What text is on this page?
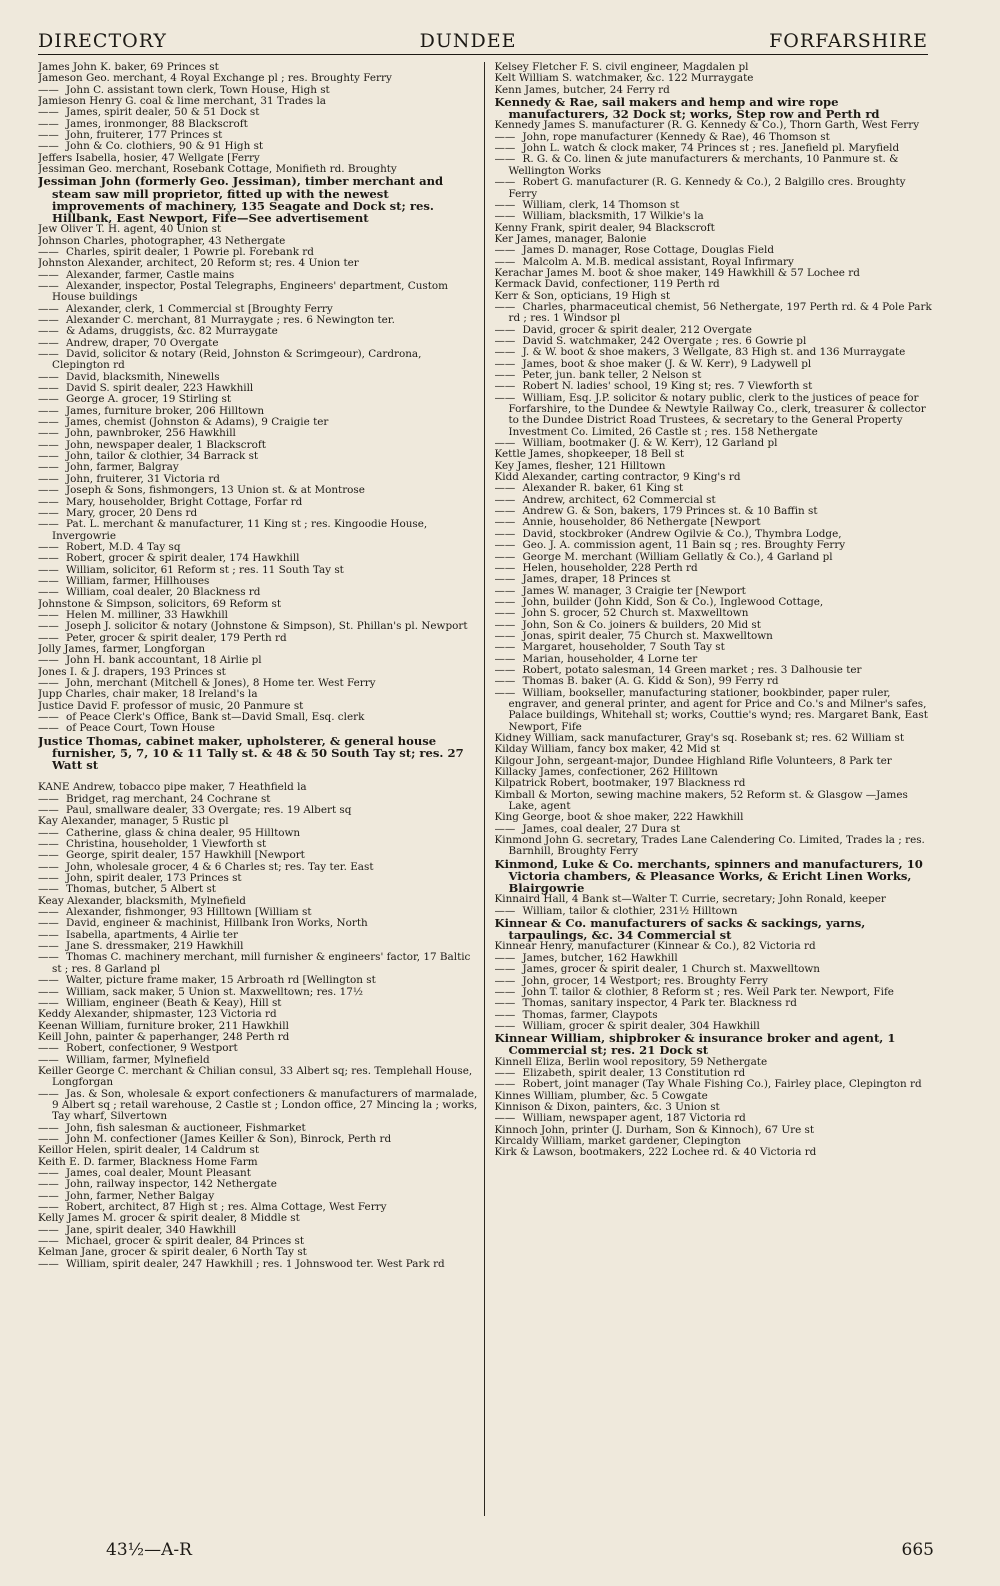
DIRECTORY	DUNDEE	FORFARSHIRE

James John K. baker, 69 Princes st

Jameson Geo. merchant, 4 Royal Exchange pl ; res. Broughty Ferry

—— John C. assistant town clerk, Town House, High st

Jamieson Henry G. coal & lime merchant, 31 Trades la

—— James, spirit dealer, 50 & 51 Dock st

—— James, ironmonger, 88 Blackscroft

—— John, fruiterer, 177 Princes st

—— John & Co. clothiers, 90 & 91 High st

Jeffers Isabella, hosier, 47 Wellgate [Ferry

Jessiman Geo. merchant, Rosebank Cottage, Monifieth rd. Broughty

Jessiman John (formerly Geo. Jessiman), timber merchant and steam saw mill proprietor, fitted up with the newest improvements of machinery, 135 Seagate and Dock st; res. Hillbank, East Newport, Fife—See advertisement

Jew Oliver T. H. agent, 40 Union st

Johnson Charles, photographer, 43 Nethergate

—— Charles, spirit dealer, 1 Powrie pl. Forebank rd

Johnston Alexander, architect, 20 Reform st; res. 4 Union ter

—— Alexander, farmer, Castle mains

—— Alexander, inspector, Postal Telegraphs, Engineers' department, Custom House buildings

—— Alexander, clerk, 1 Commercial st [Broughty Ferry

—— Alexander C. merchant, 81 Murraygate ; res. 6 Newington ter.

—— & Adams, druggists, &c. 82 Murraygate

—— Andrew, draper, 70 Overgate

—— David, solicitor & notary (Reid, Johnston & Scrimgeour), Cardrona, Clepington rd

—— David, blacksmith, Ninewells

—— David S. spirit dealer, 223 Hawkhill

—— George A. grocer, 19 Stirling st

—— James, furniture broker, 206 Hilltown

—— James, chemist (Johnston & Adams), 9 Craigie ter

—— John, pawnbroker, 256 Hawkhill

—— John, newspaper dealer, 1 Blackscroft

—— John, tailor & clothier, 34 Barrack st

—— John, farmer, Balgray

—— John, fruiterer, 31 Victoria rd

—— Joseph & Sons, fishmongers, 13 Union st. & at Montrose

—— Mary, householder, Bright Cottage, Forfar rd

—— Mary, grocer, 20 Dens rd

—— Pat. L. merchant & manufacturer, 11 King st ; res. Kingoodie House, Invergowrie

—— Robert, M.D. 4 Tay sq

—— Robert, grocer & spirit dealer, 174 Hawkhill

—— William, solicitor, 61 Reform st ; res. 11 South Tay st

—— William, farmer, Hillhouses

—— William, coal dealer, 20 Blackness rd

Johnstone & Simpson, solicitors, 69 Reform st

—— Helen M. milliner, 33 Hawkhill

—— Joseph J. solicitor & notary (Johnstone & Simpson), St. Phillan's pl. Newport

—— Peter, grocer & spirit dealer, 179 Perth rd

Jolly James, farmer, Longforgan

—— John H. bank accountant, 18 Airlie pl

Jones I. & J. drapers, 193 Princes st

—— John, merchant (Mitchell & Jones), 8 Home ter. West Ferry

Jupp Charles, chair maker, 18 Ireland's la

Justice David F. professor of music, 20 Panmure st

—— of Peace Clerk's Office, Bank st—David Small, Esq. clerk

—— of Peace Court, Town House

Justice Thomas, cabinet maker, upholsterer, & general house furnisher, 5, 7, 10 & 11 Tally st. & 48 & 50 South Tay st; res. 27 Watt st

KANE Andrew, tobacco pipe maker, 7 Heathfield la

—— Bridget, rag merchant, 24 Cochrane st

—— Paul, smallware dealer, 33 Overgate; res. 19 Albert sq

Kay Alexander, manager, 5 Rustic pl

—— Catherine, glass & china dealer, 95 Hilltown

—— Christina, householder, 1 Viewforth st

—— George, spirit dealer, 157 Hawkhill [Newport

—— John, wholesale grocer, 4 & 6 Charles st; res. Tay ter. East

—— John, spirit dealer, 173 Princes st

—— Thomas, butcher, 5 Albert st

Keay Alexander, blacksmith, Mylnefield

—— Alexander, fishmonger, 93 Hilltown [William st

—— David, engineer & machinist, Hillbank Iron Works, North

—— Isabella, apartments, 4 Airlie ter

—— Jane S. dressmaker, 219 Hawkhill

—— Thomas C. machinery merchant, mill furnisher & engineers' factor, 17 Baltic st ; res. 8 Garland pl

—— Walter, picture frame maker, 15 Arbroath rd [Wellington st

—— William, sack maker, 5 Union st. Maxwelltown; res. 17½

—— William, engineer (Beath & Keay), Hill st

Keddy Alexander, shipmaster, 123 Victoria rd

Keenan William, furniture broker, 211 Hawkhill

Keill John, painter & paperhanger, 248 Perth rd

—— Robert, confectioner, 9 Westport

—— William, farmer, Mylnefield

Keiller George C. merchant & Chilian consul, 33 Albert sq; res. Templehall House, Longforgan

—— Jas. & Son, wholesale & export confectioners & manufacturers of marmalade, 9 Albert sq ; retail warehouse, 2 Castle st ; London office, 27 Mincing la ; works, Tay wharf, Silvertown

—— John, fish salesman & auctioneer, Fishmarket

—— John M. confectioner (James Keiller & Son), Binrock, Perth rd

Keillor Helen, spirit dealer, 14 Caldrum st

Keith E. D. farmer, Blackness Home Farm

—— James, coal dealer, Mount Pleasant

—— John, railway inspector, 142 Nethergate

—— John, farmer, Nether Balgay

—— Robert, architect, 87 High st ; res. Alma Cottage, West Ferry

Kelly James M. grocer & spirit dealer, 8 Middle st

—— Jane, spirit dealer, 340 Hawkhill

—— Michael, grocer & spirit dealer, 84 Princes st

Kelman Jane, grocer & spirit dealer, 6 North Tay st

—— William, spirit dealer, 247 Hawkhill ; res. 1 Johnswood ter. West Park rd

Kelsey Fletcher F. S. civil engineer, Magdalen pl

Kelt William S. watchmaker, &c. 122 Murraygate

Kenn James, butcher, 24 Ferry rd

Kennedy & Rae, sail makers and hemp and wire rope manufacturers, 32 Dock st; works, Step row and Perth rd

Kennedy James S. manufacturer (R. G. Kennedy & Co.), Thorn Garth, West Ferry

—— John, rope manufacturer (Kennedy & Rae), 46 Thomson st

—— John L. watch & clock maker, 74 Princes st ; res. Janefield pl. Maryfield

—— R. G. & Co. linen & jute manufacturers & merchants, 10 Panmure st. & Wellington Works

—— Robert G. manufacturer (R. G. Kennedy & Co.), 2 Balgillo cres. Broughty Ferry

—— William, clerk, 14 Thomson st

—— William, blacksmith, 17 Wilkie's la

Kenny Frank, spirit dealer, 94 Blackscroft

Ker James, manager, Balonie

—— James D. manager, Rose Cottage, Douglas Field

—— Malcolm A. M.B. medical assistant, Royal Infirmary

Kerachar James M. boot & shoe maker, 149 Hawkhill & 57 Lochee rd

Kermack David, confectioner, 119 Perth rd

Kerr & Son, opticians, 19 High st

—— Charles, pharmaceutical chemist, 56 Nethergate, 197 Perth rd. & 4 Pole Park rd ; res. 1 Windsor pl

—— David, grocer & spirit dealer, 212 Overgate

—— David S. watchmaker, 242 Overgate ; res. 6 Gowrie pl

—— J. & W. boot & shoe makers, 3 Wellgate, 83 High st. and 136 Murraygate

—— James, boot & shoe maker (J. & W. Kerr), 9 Ladywell pl

—— Peter, jun. bank teller, 2 Nelson st

—— Robert N. ladies' school, 19 King st; res. 7 Viewforth st

—— William, Esq. J.P. solicitor & notary public, clerk to the justices of peace for Forfarshire, to the Dundee & Newtyle Railway Co., clerk, treasurer & collector to the Dundee District Road Trustees, & secretary to the General Property Investment Co. Limited, 26 Castle st ; res. 158 Nethergate

—— William, bootmaker (J. & W. Kerr), 12 Garland pl

Kettle James, shopkeeper, 18 Bell st

Key James, flesher, 121 Hilltown

Kidd Alexander, carting contractor, 9 King's rd

—— Alexander R. baker, 61 King st

—— Andrew, architect, 62 Commercial st

—— Andrew G. & Son, bakers, 179 Princes st. & 10 Baffin st

—— Annie, householder, 86 Nethergate [Newport

—— David, stockbroker (Andrew Ogilvie & Co.), Thymbra Lodge,

—— Geo. J. A. commission agent, 11 Bain sq ; res. Broughty Ferry

—— George M. merchant (William Gellatly & Co.), 4 Garland pl

—— Helen, householder, 228 Perth rd

—— James, draper, 18 Princes st

—— James W. manager, 3 Craigie ter [Newport

—— John, builder (John Kidd, Son & Co.), Inglewood Cottage,

—— John S. grocer, 52 Church st. Maxwelltown

—— John, Son & Co. joiners & builders, 20 Mid st

—— Jonas, spirit dealer, 75 Church st. Maxwelltown

—— Margaret, householder, 7 South Tay st

—— Marian, householder, 4 Lorne ter

—— Robert, potato salesman, 14 Green market ; res. 3 Dalhousie ter

—— Thomas B. baker (A. G. Kidd & Son), 99 Ferry rd

—— William, bookseller, manufacturing stationer, bookbinder, paper ruler, engraver, and general printer, and agent for Price and Co.'s and Milner's safes, Palace buildings, Whitehall st; works, Couttie's wynd; res. Margaret Bank, East Newport, Fife

Kidney William, sack manufacturer, Gray's sq. Rosebank st; res. 62 William st

Kilday William, fancy box maker, 42 Mid st

Kilgour John, sergeant-major, Dundee Highland Rifle Volunteers, 8 Park ter

Killacky James, confectioner, 262 Hilltown

Kilpatrick Robert, bootmaker, 197 Blackness rd

Kimball & Morton, sewing machine makers, 52 Reform st. & Glasgow —James Lake, agent

King George, boot & shoe maker, 222 Hawkhill

—— James, coal dealer, 27 Dura st

Kinmond John G. secretary, Trades Lane Calendering Co. Limited, Trades la ; res. Barnhill, Broughty Ferry

Kinmond, Luke & Co. merchants, spinners and manufacturers, 10 Victoria chambers, & Pleasance Works, & Ericht Linen Works, Blairgowrie

Kinnaird Hall, 4 Bank st—Walter T. Currie, secretary; John Ronald, keeper

—— William, tailor & clothier, 231½ Hilltown

Kinnear & Co. manufacturers of sacks & sackings, yarns, tarpaulings, &c. 34 Commercial st

Kinnear Henry, manufacturer (Kinnear & Co.), 82 Victoria rd

—— James, butcher, 162 Hawkhill

—— James, grocer & spirit dealer, 1 Church st. Maxwelltown

—— John, grocer, 14 Westport; res. Broughty Ferry

—— John T. tailor & clothier, 8 Reform st ; res. Weil Park ter. Newport, Fife

—— Thomas, sanitary inspector, 4 Park ter. Blackness rd

—— Thomas, farmer, Claypots

—— William, grocer & spirit dealer, 304 Hawkhill

Kinnear William, shipbroker & insurance broker and agent, 1 Commercial st; res. 21 Dock st

Kinnell Eliza, Berlin wool repository, 59 Nethergate

—— Elizabeth, spirit dealer, 13 Constitution rd

—— Robert, joint manager (Tay Whale Fishing Co.), Fairley place, Clepington rd

Kinnes William, plumber, &c. 5 Cowgate

Kinnison & Dixon, painters, &c. 3 Union st

—— William, newspaper agent, 187 Victoria rd

Kinnoch John, printer (J. Durham, Son & Kinnoch), 67 Ure st

Kircaldy William, market gardener, Clepington

Kirk & Lawson, bootmakers, 222 Lochee rd. & 40 Victoria rd

43½—A-R	665
